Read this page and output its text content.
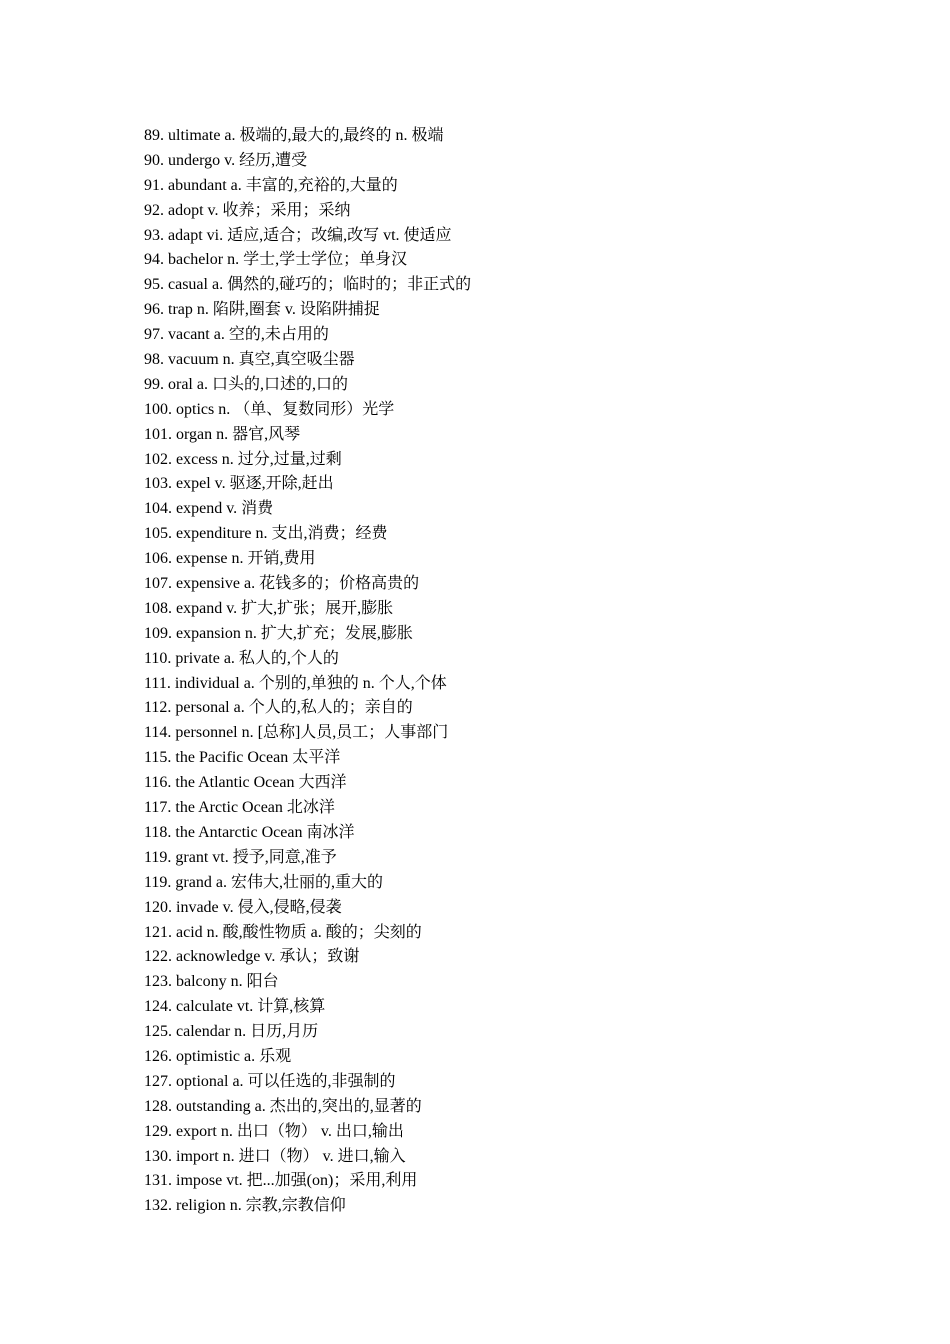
89. ultimate a. 极端的,最大的,最终的 n. 极端
90. undergo v. 经历,遭受
91. abundant a. 丰富的,充裕的,大量的
92. adopt v. 收养；采用；采纳
93. adapt vi. 适应,适合；改编,改写 vt. 使适应
94. bachelor n. 学士,学士学位；单身汉
95. casual a. 偶然的,碰巧的；临时的；非正式的
96. trap n. 陷阱,圈套 v. 设陷阱捕捉
97. vacant a. 空的,未占用的
98. vacuum n. 真空,真空吸尘器
99. oral a. 口头的,口述的,口的
100. optics n. （单、复数同形）光学
101. organ n. 器官,风琴
102. excess n. 过分,过量,过剩
103. expel v. 驱逐,开除,赶出
104. expend v. 消费
105. expenditure n. 支出,消费；经费
106. expense n. 开销,费用
107. expensive a. 花钱多的；价格高贵的
108. expand v. 扩大,扩张；展开,膨胀
109. expansion n. 扩大,扩充；发展,膨胀
110. private a. 私人的,个人的
111. individual a. 个别的,单独的 n. 个人,个体
112. personal a. 个人的,私人的；亲自的
114. personnel n. [总称]人员,员工；人事部门
115. the Pacific Ocean 太平洋
116. the Atlantic Ocean 大西洋
117. the Arctic Ocean 北冰洋
118. the Antarctic Ocean 南冰洋
119. grant vt. 授予,同意,准予
119. grand a. 宏伟大,壮丽的,重大的
120. invade v. 侵入,侵略,侵袭
121. acid n. 酸,酸性物质 a. 酸的；尖刻的
122. acknowledge v. 承认；致谢
123. balcony n. 阳台
124. calculate vt. 计算,核算
125. calendar n. 日历,月历
126. optimistic a. 乐观
127. optional a. 可以任选的,非强制的
128. outstanding a. 杰出的,突出的,显著的
129. export n. 出口（物） v. 出口,输出
130. import n. 进口（物） v. 进口,输入
131. impose vt. 把...加强(on)；采用,利用
132. religion n. 宗教,宗教信仰
